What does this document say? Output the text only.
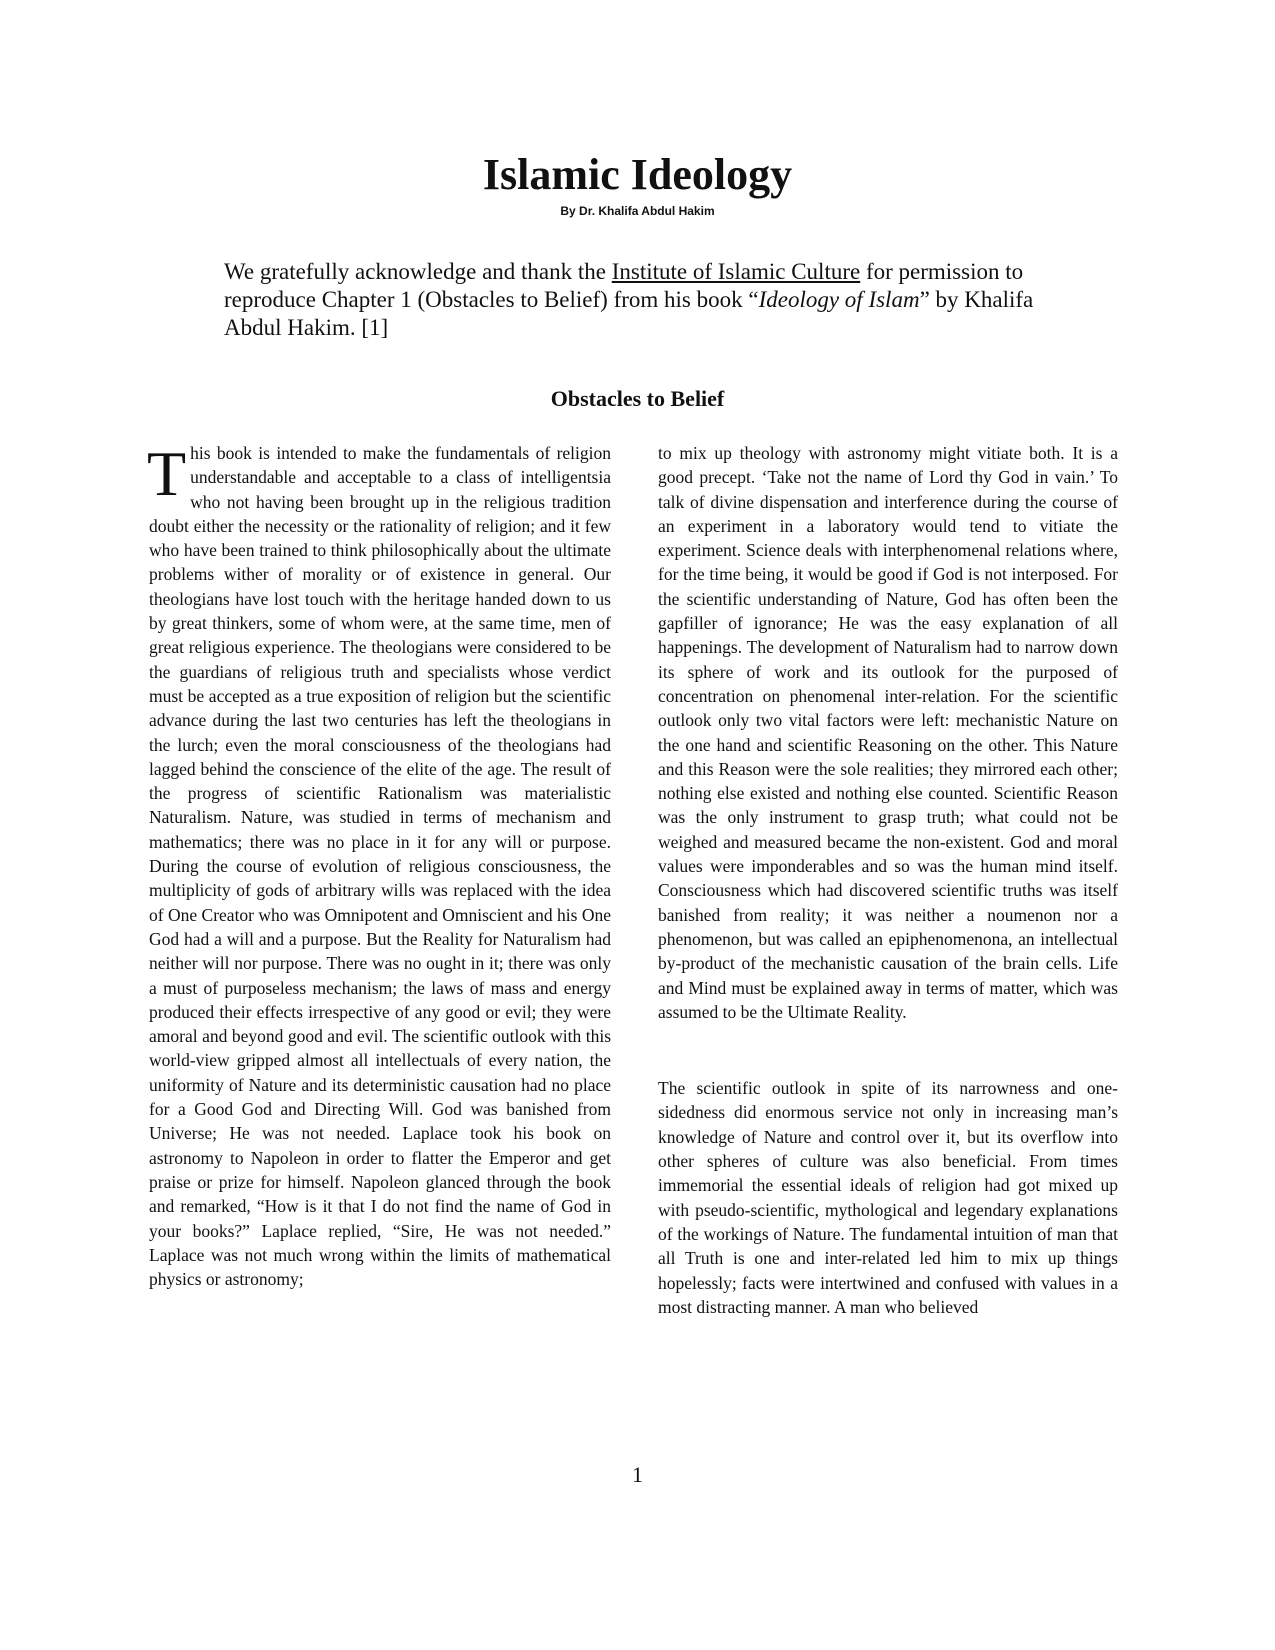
Islamic Ideology
By Dr. Khalifa Abdul Hakim

We gratefully acknowledge and thank the Institute of Islamic Culture for permission to reproduce Chapter 1 (Obstacles to Belief) from his book “Ideology of Islam” by Khalifa Abdul Hakim. [1]

Obstacles to Belief

This book is intended to make the fundamentals of religion understandable and acceptable to a class of intelligentsia who not having been brought up in the religious tradition doubt either the necessity or the rationality of religion; and it few who have been trained to think philosophically about the ultimate problems wither of morality or of existence in general. Our theologians have lost touch with the heritage handed down to us by great thinkers, some of whom were, at the same time, men of great religious experience. The theologians were considered to be the guardians of religious truth and specialists whose verdict must be accepted as a true exposition of religion but the scientific advance during the last two centuries has left the theologians in the lurch; even the moral consciousness of the theologians had lagged behind the conscience of the elite of the age. The result of the progress of scientific Rationalism was materialistic Naturalism. Nature, was studied in terms of mechanism and mathematics; there was no place in it for any will or purpose. During the course of evolution of religious consciousness, the multiplicity of gods of arbitrary wills was replaced with the idea of One Creator who was Omnipotent and Omniscient and his One God had a will and a purpose. But the Reality for Naturalism had neither will nor purpose. There was no ought in it; there was only a must of purposeless mechanism; the laws of mass and energy produced their effects irrespective of any good or evil; they were amoral and beyond good and evil. The scientific outlook with this world-view gripped almost all intellectuals of every nation, the uniformity of Nature and its deterministic causation had no place for a Good God and Directing Will. God was banished from Universe; He was not needed. Laplace took his book on astronomy to Napoleon in order to flatter the Emperor and get praise or prize for himself. Napoleon glanced through the book and remarked, “How is it that I do not find the name of God in your books?” Laplace replied, “Sire, He was not needed.” Laplace was not much wrong within the limits of mathematical physics or astronomy;

to mix up theology with astronomy might vitiate both. It is a good precept. ‘Take not the name of Lord thy God in vain.’ To talk of divine dispensation and interference during the course of an experiment in a laboratory would tend to vitiate the experiment. Science deals with interphenomenal relations where, for the time being, it would be good if God is not interposed. For the scientific understanding of Nature, God has often been the gapfiller of ignorance; He was the easy explanation of all happenings. The development of Naturalism had to narrow down its sphere of work and its outlook for the purposed of concentration on phenomenal inter-relation. For the scientific outlook only two vital factors were left: mechanistic Nature on the one hand and scientific Reasoning on the other. This Nature and this Reason were the sole realities; they mirrored each other; nothing else existed and nothing else counted. Scientific Reason was the only instrument to grasp truth; what could not be weighed and measured became the non-existent. God and moral values were imponderables and so was the human mind itself. Consciousness which had discovered scientific truths was itself banished from reality; it was neither a noumenon nor a phenomenon, but was called an epiphenomenona, an intellectual by-product of the mechanistic causation of the brain cells. Life and Mind must be explained away in terms of matter, which was assumed to be the Ultimate Reality.

The scientific outlook in spite of its narrowness and one-sidedness did enormous service not only in increasing man’s knowledge of Nature and control over it, but its overflow into other spheres of culture was also beneficial. From times immemorial the essential ideals of religion had got mixed up with pseudo-scientific, mythological and legendary explanations of the workings of Nature. The fundamental intuition of man that all Truth is one and inter-related led him to mix up things hopelessly; facts were intertwined and confused with values in a most distracting manner. A man who believed

1
